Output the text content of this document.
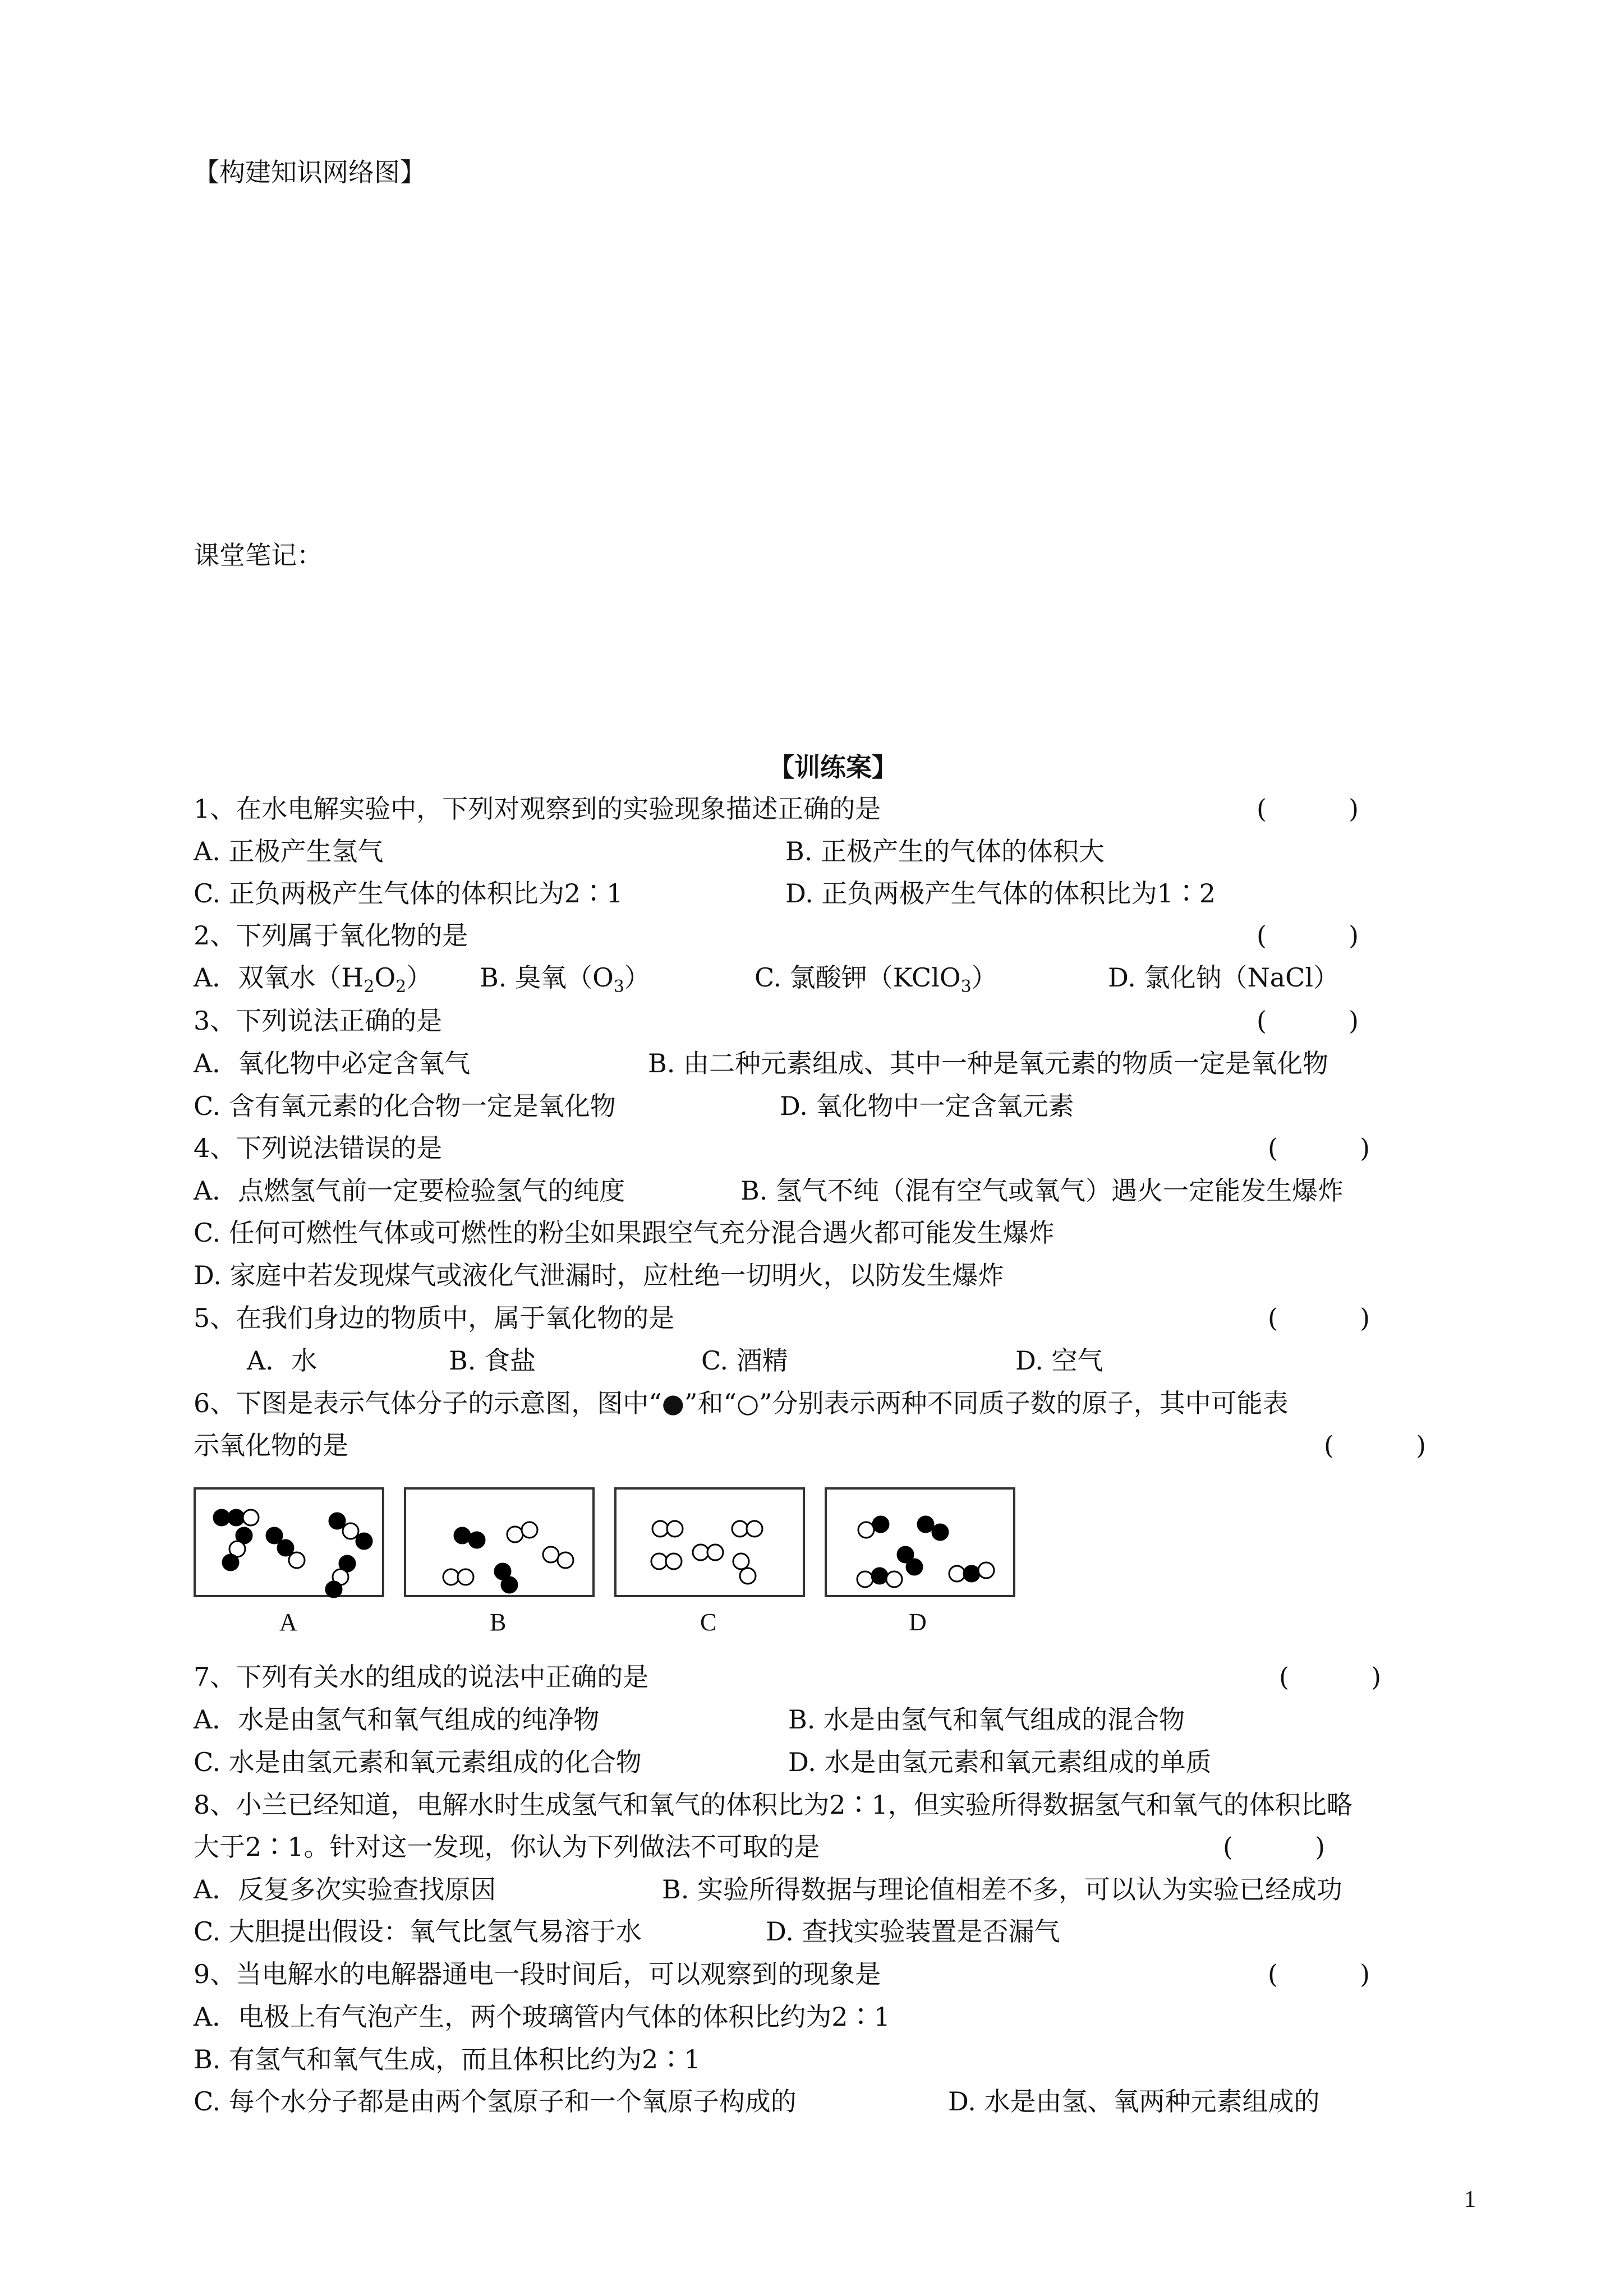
【构建知识网络图】
课堂笔记：
【训练案】
1、在水电解实验中，下列对观察到的实验现象描述正确的是	(          )
A. 正极产生氢气	B. 正极产生的气体的体积大
C. 正负两极产生气体的体积比为2∶1	D. 正负两极产生气体的体积比为1∶2
2、下列属于氧化物的是	(          )
A．双氧水$(H_2O_2)$ B. 臭氧$(O_3)$	C. 氯酸钾（KClO$_3$）	D. 氯化钠（NaCl）
3、下列说法正确的是	(          )
A．氧化物中必定含氧气	B. 由二种元素组成、其中一种是氧元素的物质一定是氧化物
C. 含有氧元素的化合物一定是氧化物	D. 氧化物中一定含氧元素
4、下列说法错误的是	(          )
A．点燃氢气前一定要检验氢气的纯度	B. 氢气不纯（混有空气或氧气）遇火一定能发生爆炸
C. 任何可燃性气体或可燃性的粉尘如果跟空气充分混合遇火都可能发生爆炸
D. 家庭中若发现煤气或液化气泄漏时，应杜绝一切明火，以防发生爆炸
5、在我们身边的物质中，属于氧化物的是	(          )
A．水	B. 食盐	C. 酒精	D. 空气
6、下图是表示气体分子的示意图，图中“●”和“○”分别表示两种不同质子数的原子，其中可能表
示氧化物的是	(          )
A	B	C	D
7、下列有关水的组成的说法中正确的是	(          )
A．水是由氢气和氧气组成的纯净物	B. 水是由氢气和氧气组成的混合物
C. 水是由氢元素和氧元素组成的化合物	D. 水是由氢元素和氧元素组成的单质
8、小兰已经知道，电解水时生成氢气和氧气的体积比为2∶1，但实验所得数据氢气和氧气的体积比略
大于2∶1。针对这一发现，你认为下列做法不可取的是	(          )
A．反复多次实验查找原因	B. 实验所得数据与理论值相差不多，可以认为实验已经成功
C. 大胆提出假设：氧气比氢气易溶于水	D. 查找实验装置是否漏气
9、当电解水的电解器通电一段时间后，可以观察到的现象是	(          )
A．电极上有气泡产生，两个玻璃管内气体的体积比约为2∶1
B. 有氢气和氧气生成，而且体积比约为2∶1
C. 每个水分子都是由两个氢原子和一个氧原子构成的	D. 水是由氢、氧两种元素组成的
1
